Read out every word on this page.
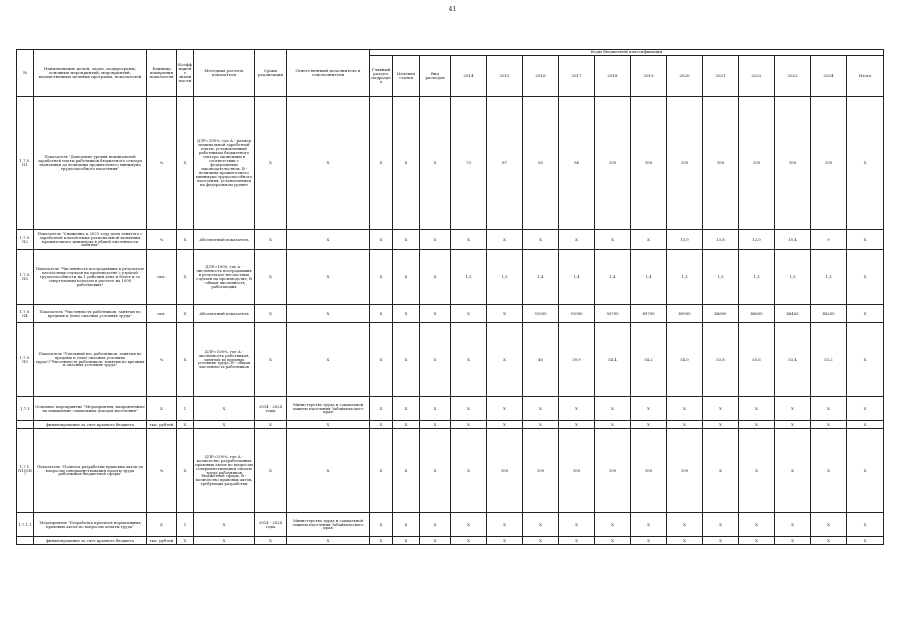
41
№	Наименование целей, задач, подпрограмм, основных мероприятий, мероприятий, ведомственных целевых программ, показателей	Единица измерения показателя	Коэффициент значимости	Методика расчета показателя	Сроки реализации	Ответственный исполнитель и соисполнители	Коды бюджетной классификации														
							Главный раздел, подраздел	Целевая статья	Вид расходов	2014	2015	2016	2017	2018	2019	2020	2021	2022	2023	2024	Итого
1.7.0.П1	Показатель "Доведение уровня номинальной заработной платы работников бюджетного сектора экономики до величины прожиточного минимума трудоспособного населения"	%	X	ДЛР=100%, где А - размер номинальной заработной платы, установленный работникам бюджетного сектора экономики в соответствии с федеральным законодательством, В - величина прожиточного минимума трудоспособного населения, установленная на федеральном уровне	X	X	X	X	X	73	87	85	94	100	100	100	100	100	100	100	X
1.7.0.П2	Показатель "Снижение к 2021 году доли занятого с заработной платой ниже региональной величины прожиточного минимума в общей численности занятых"	%	X	Абсолютный показатель	X	X	X	X	X	X	X	X	X	X	X	13,9	13,8	12,0	10,4	9	X
1.7.0.П3	Показатель "Численность пострадавших в результате несчастных случаев на производстве с утратой трудоспособности на 1 рабочий день и более и со смертельным исходом в расчете на 1000 работающих"	чел.	X	ДЛР=1000, где А - численность пострадавших в результате несчастных случаев на производстве, В - общая численность работающих	X	X	X	X	X	1,5	1,5	1,4	1,4	1,4	1,4	1,3	1,3	1,3	1,3	1,3	X
1.7.0.П4	Показатель "Численность работников, занятых во вредных и (или) опасных условиях труда"	чел.	X	Абсолютный показатель	X	X	X	X	X	X	X	51000	51000	50700	49700	49000	48800	48600	48400	48200	X
1.7.0.П5	Показатель "Удельный вес работников, занятых во вредных и (или) опасных условиях труда"/"Численность работников, занятых во вредных и опасных условиях труда"	%	X	ДЛР=100%, где А - численность работников, занятых во вредных условиях труда, В - общая численность работников	X	X	X	X	X	X	X	40	39,9	54,4	54,2	54,0	53,8	53,6	53,4	53,2	X
1.7.1	Основное мероприятие "Мероприятия, направленные на повышение социальных доходов населения"	X	1	X	2014 - 2024 годы	Министерство труда и социальной защиты населения Забайкальского края	X	X	X	X	X	X	X	X	X	X	X	X	X	X	X
	финансирование за счет краевого бюджета	тыс. рублей	X	X	X	X	X	X	X	X	X	X	X	X	X	X	X	X	X	X	X
1.7.1.П1(ОН)	Показатель "Полнота разработки правовых актов по вопросам совершенствования оплаты труда работников бюджетной сферы"	%	X	ДЛР=100%, где А - количество разработанных правовых актов по вопросам совершенствования оплаты труда работников бюджетной сферы, В - количество правовых актов, требующих разработки	X	X	X	X	X	X	100	100	100	100	100	100	X	X	X	X	X
1.7.1.1	Мероприятие "Разработка проектов нормативных правовых актов по вопросам оплаты труда"	X	1	X	2014 - 2024 годы	Министерство труда и социальной защиты населения Забайкальского края	X	X	X	X	X	X	X	X	X	X	X	X	X	X	X
	финансирование за счет краевого бюджета	тыс. рублей	X	X	X	X	X	X	X	X	X	X	X	X	X	X	X	X	X	X	X
